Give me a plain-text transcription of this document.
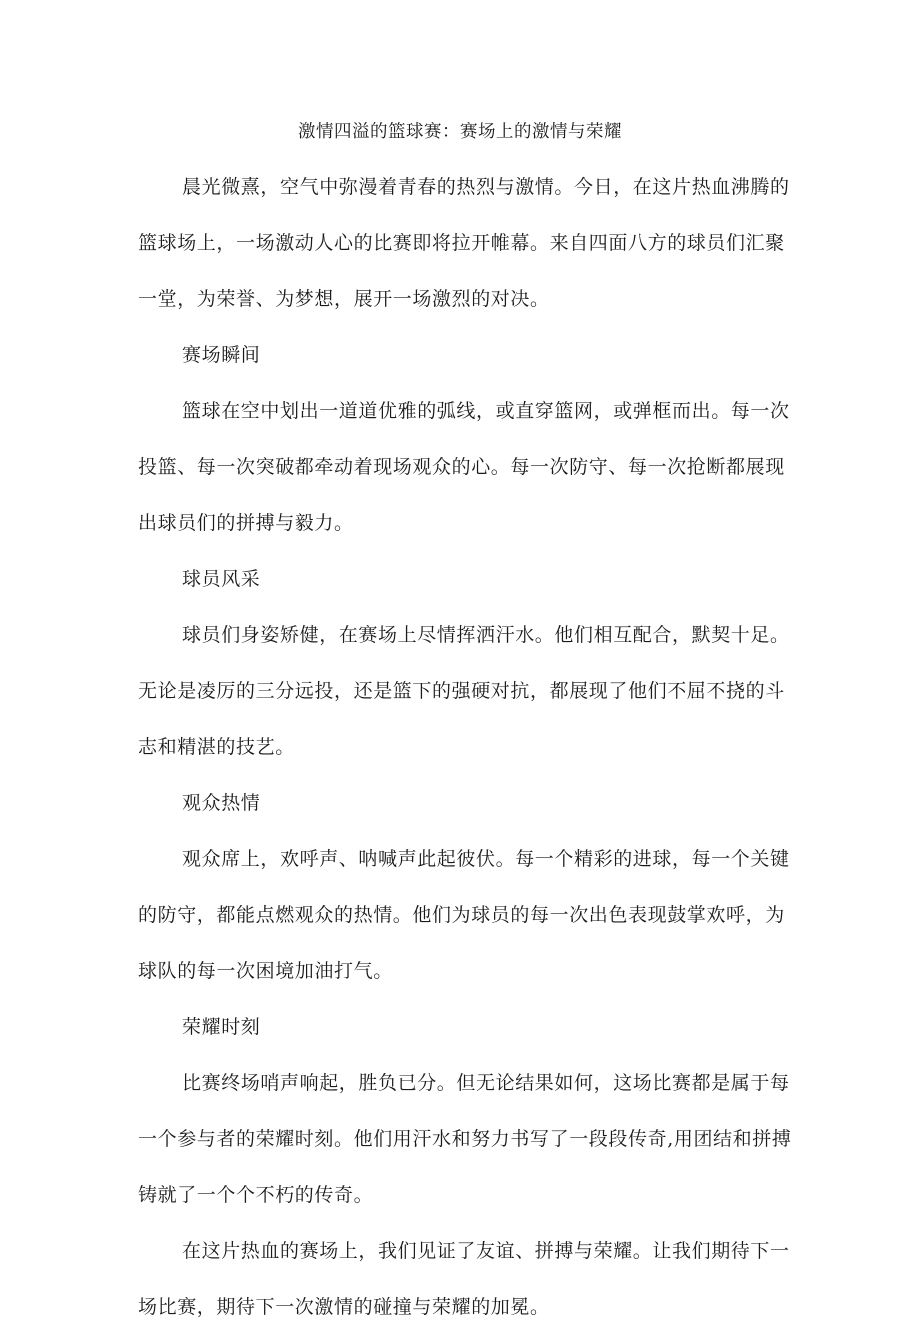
激情四溢的篮球赛：赛场上的激情与荣耀

晨光微熹，空气中弥漫着青春的热烈与激情。今日，在这片热血沸腾的篮球场上，一场激动人心的比赛即将拉开帷幕。来自四面八方的球员们汇聚一堂，为荣誉、为梦想，展开一场激烈的对决。

赛场瞬间

篮球在空中划出一道道优雅的弧线，或直穿篮网，或弹框而出。每一次投篮、每一次突破都牵动着现场观众的心。每一次防守、每一次抢断都展现出球员们的拼搏与毅力。

球员风采

球员们身姿矫健，在赛场上尽情挥洒汗水。他们相互配合，默契十足。无论是凌厉的三分远投，还是篮下的强硬对抗，都展现了他们不屈不挠的斗志和精湛的技艺。

观众热情

观众席上，欢呼声、呐喊声此起彼伏。每一个精彩的进球，每一个关键的防守，都能点燃观众的热情。他们为球员的每一次出色表现鼓掌欢呼，为球队的每一次困境加油打气。

荣耀时刻

比赛终场哨声响起，胜负已分。但无论结果如何，这场比赛都是属于每一个参与者的荣耀时刻。他们用汗水和努力书写了一段段传奇,用团结和拼搏铸就了一个个不朽的传奇。

在这片热血的赛场上，我们见证了友谊、拼搏与荣耀。让我们期待下一场比赛，期待下一次激情的碰撞与荣耀的加冕。
